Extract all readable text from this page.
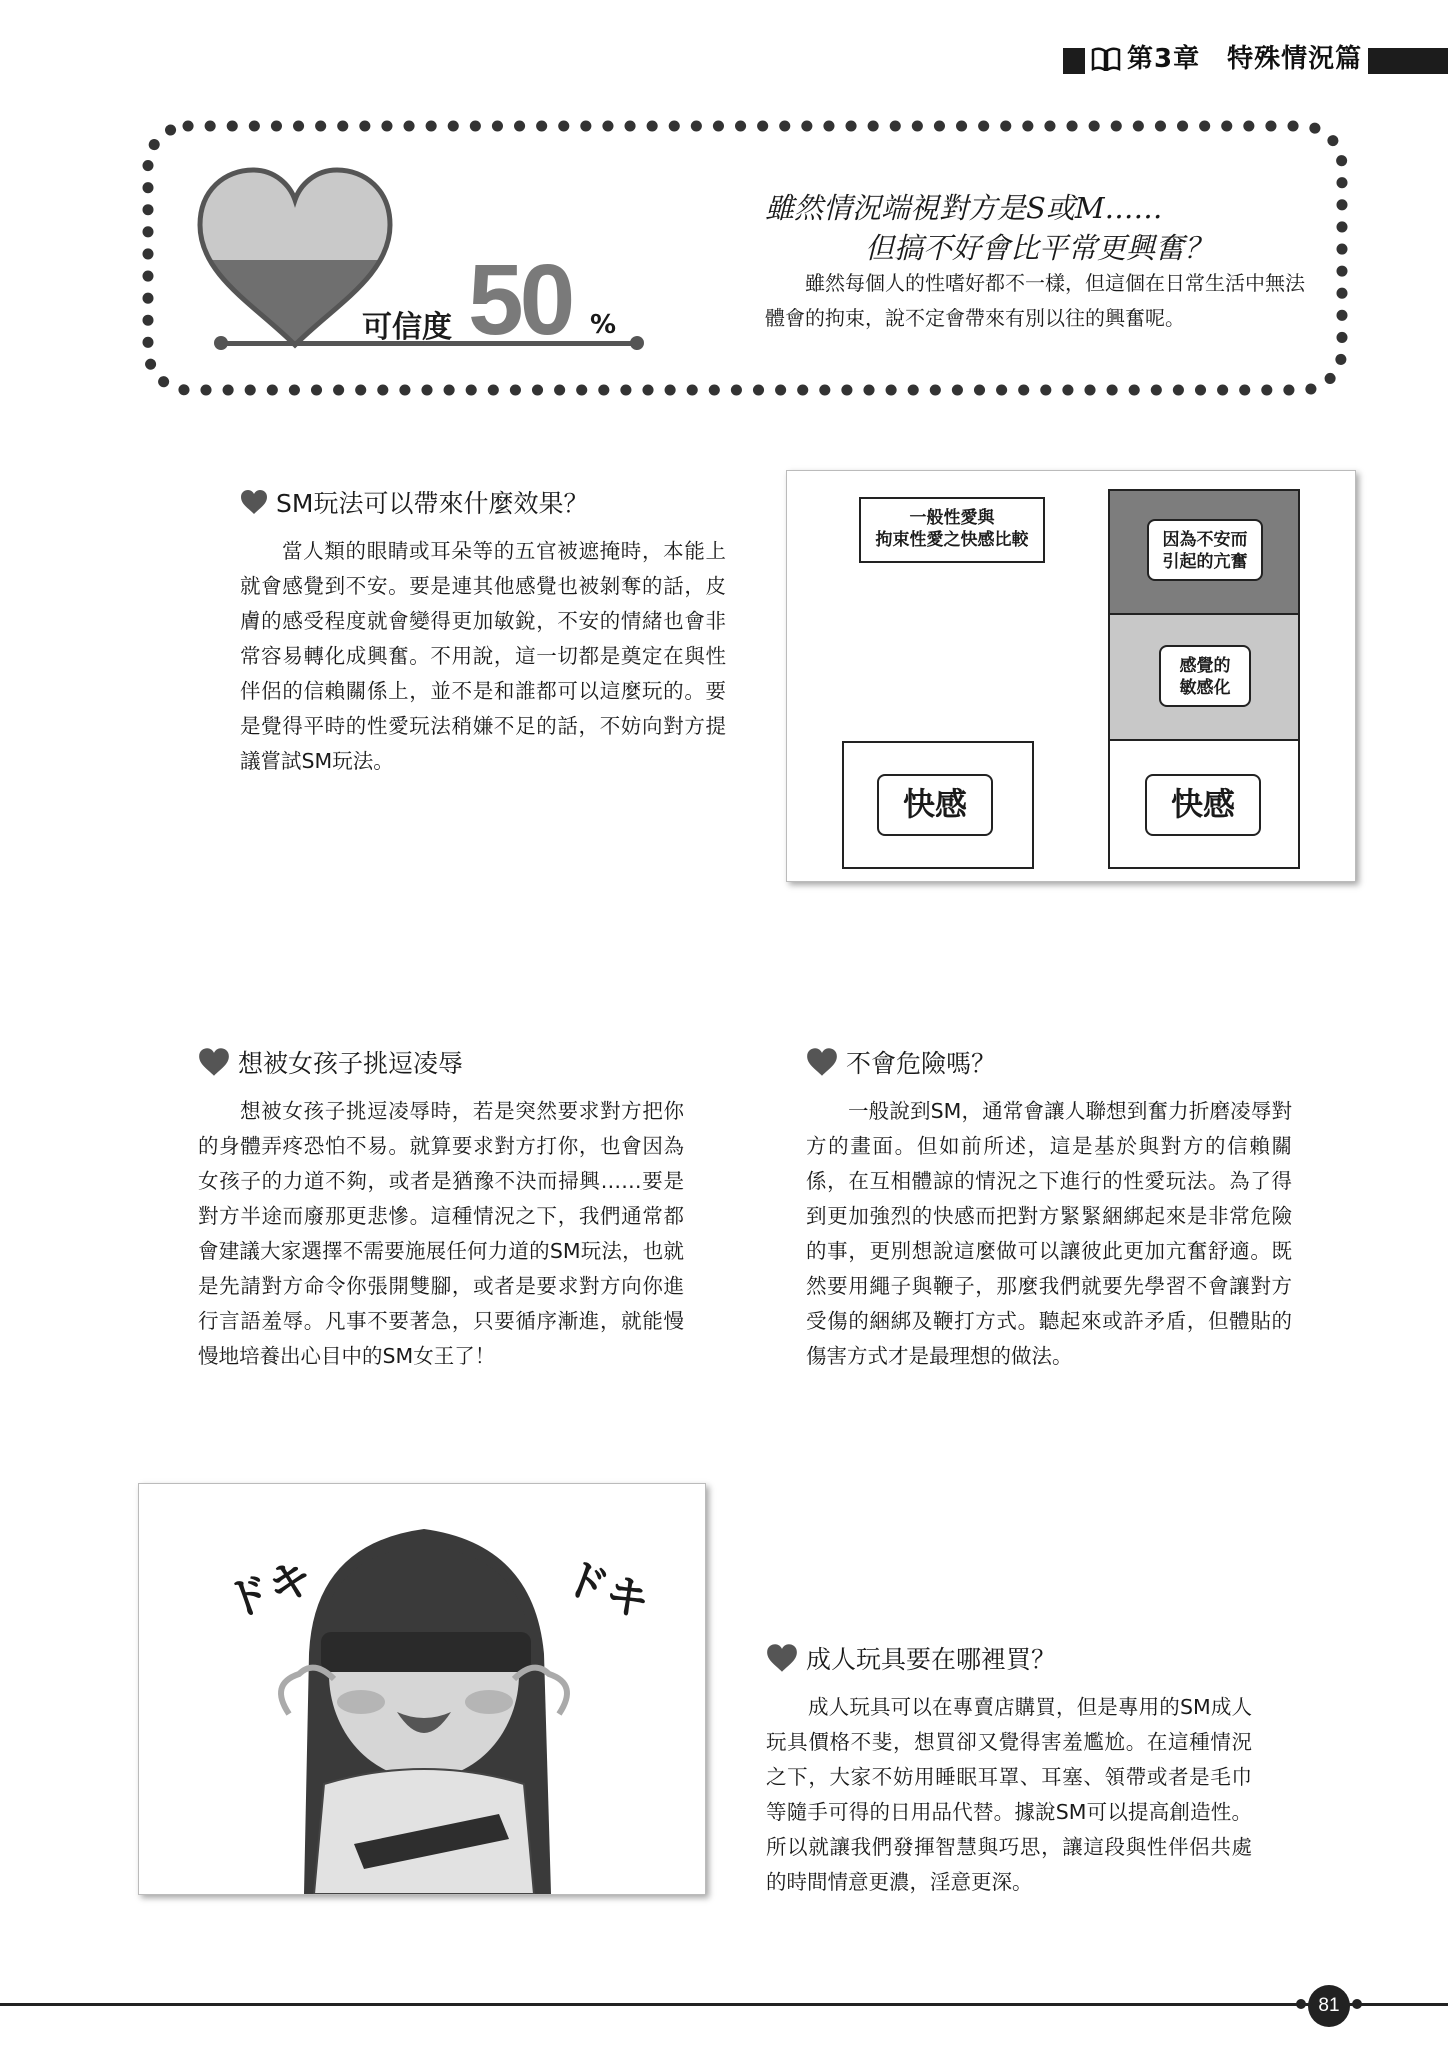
第3章　特殊情況篇
可信度 50 %
雖然情況端視對方是S或M……
但搞不好會比平常更興奮？
雖然每個人的性嗜好都不一樣，但這個在日常生活中無法體會的拘束，說不定會帶來有別以往的興奮呢。
SM玩法可以帶來什麼效果？
當人類的眼睛或耳朵等的五官被遮掩時，本能上就會感覺到不安。要是連其他感覺也被剝奪的話，皮膚的感受程度就會變得更加敏銳，不安的情緒也會非常容易轉化成興奮。不用說，這一切都是奠定在與性伴侶的信賴關係上，並不是和誰都可以這麼玩的。要是覺得平時的性愛玩法稍嫌不足的話，不妨向對方提議嘗試SM玩法。
一般性愛與
拘束性愛之快感比較
快感
因為不安而
引起的亢奮
感覺的
敏感化
快感
想被女孩子挑逗凌辱
想被女孩子挑逗凌辱時，若是突然要求對方把你的身體弄疼恐怕不易。就算要求對方打你，也會因為女孩子的力道不夠，或者是猶豫不決而掃興……要是對方半途而廢那更悲慘。這種情況之下，我們通常都會建議大家選擇不需要施展任何力道的SM玩法，也就是先請對方命令你張開雙腳，或者是要求對方向你進行言語羞辱。凡事不要著急，只要循序漸進，就能慢慢地培養出心目中的SM女王了！
不會危險嗎？
一般說到SM，通常會讓人聯想到奮力折磨凌辱對方的畫面。但如前所述，這是基於與對方的信賴關係，在互相體諒的情況之下進行的性愛玩法。為了得到更加強烈的快感而把對方緊緊綑綁起來是非常危險的事，更別想說這麼做可以讓彼此更加亢奮舒適。既然要用繩子與鞭子，那麼我們就要先學習不會讓對方受傷的綑綁及鞭打方式。聽起來或許矛盾，但體貼的傷害方式才是最理想的做法。
ドキ	ドキ
成人玩具要在哪裡買？
成人玩具可以在專賣店購買，但是專用的SM成人玩具價格不斐，想買卻又覺得害羞尷尬。在這種情況之下，大家不妨用睡眠耳罩、耳塞、領帶或者是毛巾等隨手可得的日用品代替。據說SM可以提高創造性。所以就讓我們發揮智慧與巧思，讓這段與性伴侶共處的時間情意更濃，淫意更深。
81
